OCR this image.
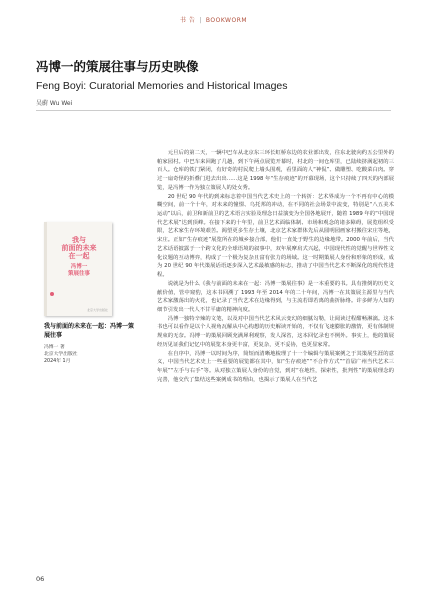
书 告 | BOOKWORM
冯博一的策展往事与历史映像
Feng Boyi: Curatorial Memories and Historical Images
吴蔚 Wu Wei
我与
前面的未来
在一起
冯博一
策展往事
北京大学出版社
我与前面的未来在一起：冯博一策展往事
冯博一 著
北京大学出版社
2024年 1月

元旦后的第二天，一辆中巴车从北京东三环长虹桥东边的农业部出发，往东北驶向约五公里外的帕家园村。中巴车来回跑了几趟，到下午两点展览开幕时，村北的一间仓库里，已陆续挤满起初的三百人。仓库的铁门紧闭，有好奇的村民爬上墙头围观，看里面的人“神侃”、做雕塑、吃酸菜白肉。穿过一扇奇怪的折叠门进去出出……这是 1998 年“生存痕迹”的开幕现场，这个只持续了四天的内部展览，是冯博一作为独立策展人的处女秀。

20 世纪 90 年代的到来标志着中国当代艺术史上的一个转折：艺术界成为一个不再有中心的模糊空间，前一个十年，对未来的憧憬、乌托邦的冲动，在不同的社会场景中流变，特别是“八五美术运动”以后，前卫和新前卫的艺术语言实验及理念日益演变为全国各地展开，随着 1989 年的“中国现代艺术展”达到顶峰。在接下来的十年里，前卫艺术面临体制、市场和观念的诸多障碍，展览组织受限，艺术家生存环境艰苦。渴望更多生存土壤，北京艺术家群体先后从圆明园画家村搬往宋庄等地，宋庄。正如“生存痕迹”展览所在的城乡接合部，他们一直处于野生的边缘地带。2000 年前后，当代艺术话语披露于一个跨文化的全球语境的叙事中，双年展摩肩式兴起，中国现代性的觉醒与世界性文化议题的互动博弈，构成了一个极为复杂且富有张力的场域。这一时期策展人身份和形象的形成，成为 20 世纪 90 年代策展话语逐步深入艺术最敏感的标志，推动了中国当代艺术不断深化的现代性进程。

说就是为什么《我与前面的未来在一起：冯博一策展往事》是一本重要的书。具有推倒的历史文献价值，管中窥豹，这本书回溯了 1993 年至 2014 年的二十年间，冯博一在其策展主源里与当代艺术家激荡出的火花，也记录了当代艺术在边缘得到，与主流若即若离的曲折脉络。许多鲜为人知的细节引发出一代人不甘平庸的精神向度。

冯博一独特辛辣的文笔，以及对中国当代艺术风云变幻的细腻勾勒，让阅读过程酣畅淋漓。这本书也可以看作是以个人视角瓦解从中心构想的历史解读开始的，不仅有飞速膨胀的激情，更有体制规规束的无奈。冯博一的策展回顾充满犀利观察，发人深省，这本回忆录也不例外。事实上，他的策展经历见证我们记忆中的展览本身更丰富，更复杂，更不妥协，也更显家常。

在自序中，冯博一以时间为序，简短而清晰地梳理了十一个编辑与策展案例之于其策展生涯的意义，中国当代艺术史上一些重要的展览都在其中，如“生存痕迹”“不合作方式”“首届广州当代艺术三年展”“左手与右手”等。从对独立策展人身份的自觉，到对“在地性，探索性，批判性”的策展理念的完善，他交代了集结这些案例成书的理由，也揭示了策展人在当代艺

06
